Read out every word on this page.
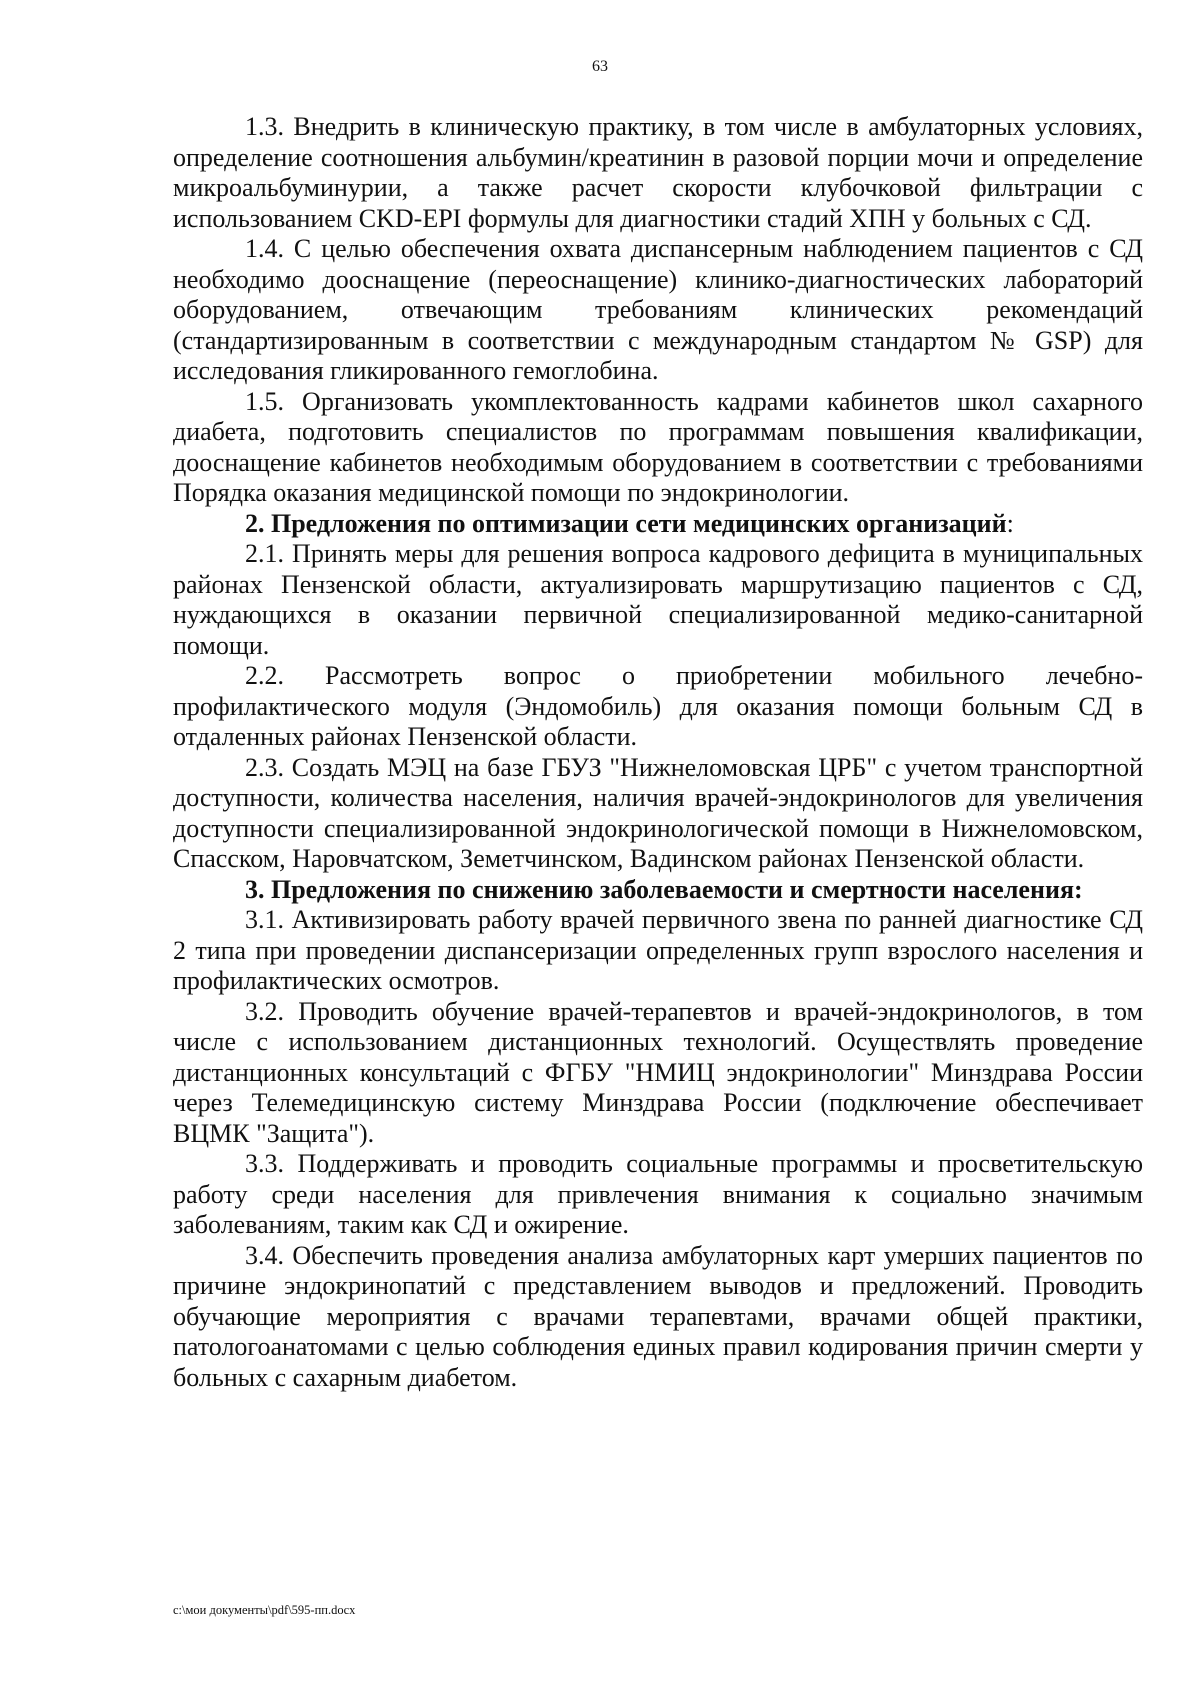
63

1.3. Внедрить в клиническую практику, в том числе в амбулаторных условиях, определение соотношения альбумин/креатинин в разовой порции мочи и определение микроальбуминурии, а также расчет скорости клубочковой фильтрации с использованием CKD-EPI формулы для диагностики стадий ХПН у больных с СД.

1.4. С целью обеспечения охвата диспансерным наблюдением пациентов с СД необходимо дооснащение (переоснащение) клинико-диагностических лабораторий оборудованием, отвечающим требованиям клинических рекомендаций (стандартизированным в соответствии с международным стандартом № GSP) для исследования гликированного гемоглобина.

1.5. Организовать укомплектованность кадрами кабинетов школ сахарного диабета, подготовить специалистов по программам повышения квалификации, дооснащение кабинетов необходимым оборудованием в соответствии с требованиями Порядка оказания медицинской помощи по эндокринологии.

2. Предложения по оптимизации сети медицинских организаций:

2.1. Принять меры для решения вопроса кадрового дефицита в муниципальных районах Пензенской области, актуализировать маршрутизацию пациентов с СД, нуждающихся в оказании первичной специализированной медико-санитарной помощи.

2.2. Рассмотреть вопрос о приобретении мобильного лечебно-профилактического модуля (Эндомобиль) для оказания помощи больным СД в отдаленных районах Пензенской области.

2.3. Создать МЭЦ на базе ГБУЗ "Нижнеломовская ЦРБ" с учетом транспортной доступности, количества населения, наличия врачей-эндокринологов для увеличения доступности специализированной эндокринологической помощи в Нижнеломовском, Спасском, Наровчатском, Земетчинском, Вадинском районах Пензенской области.

3. Предложения по снижению заболеваемости и смертности населения:

3.1. Активизировать работу врачей первичного звена по ранней диагностике СД 2 типа при проведении диспансеризации определенных групп взрослого населения и профилактических осмотров.

3.2. Проводить обучение врачей-терапевтов и врачей-эндокринологов, в том числе с использованием дистанционных технологий. Осуществлять проведение дистанционных консультаций с ФГБУ "НМИЦ эндокринологии" Минздрава России через Телемедицинскую систему Минздрава России (подключение обеспечивает ВЦМК "Защита").

3.3. Поддерживать и проводить социальные программы и просветительскую работу среди населения для привлечения внимания к социально значимым заболеваниям, таким как СД и ожирение.

3.4. Обеспечить проведения анализа амбулаторных карт умерших пациентов по причине эндокринопатий с представлением выводов и предложений. Проводить обучающие мероприятия с врачами терапевтами, врачами общей практики, патологоанатомами с целью соблюдения единых правил кодирования причин смерти у больных с сахарным диабетом.

c:\мои документы\pdf\595-пп.docx
